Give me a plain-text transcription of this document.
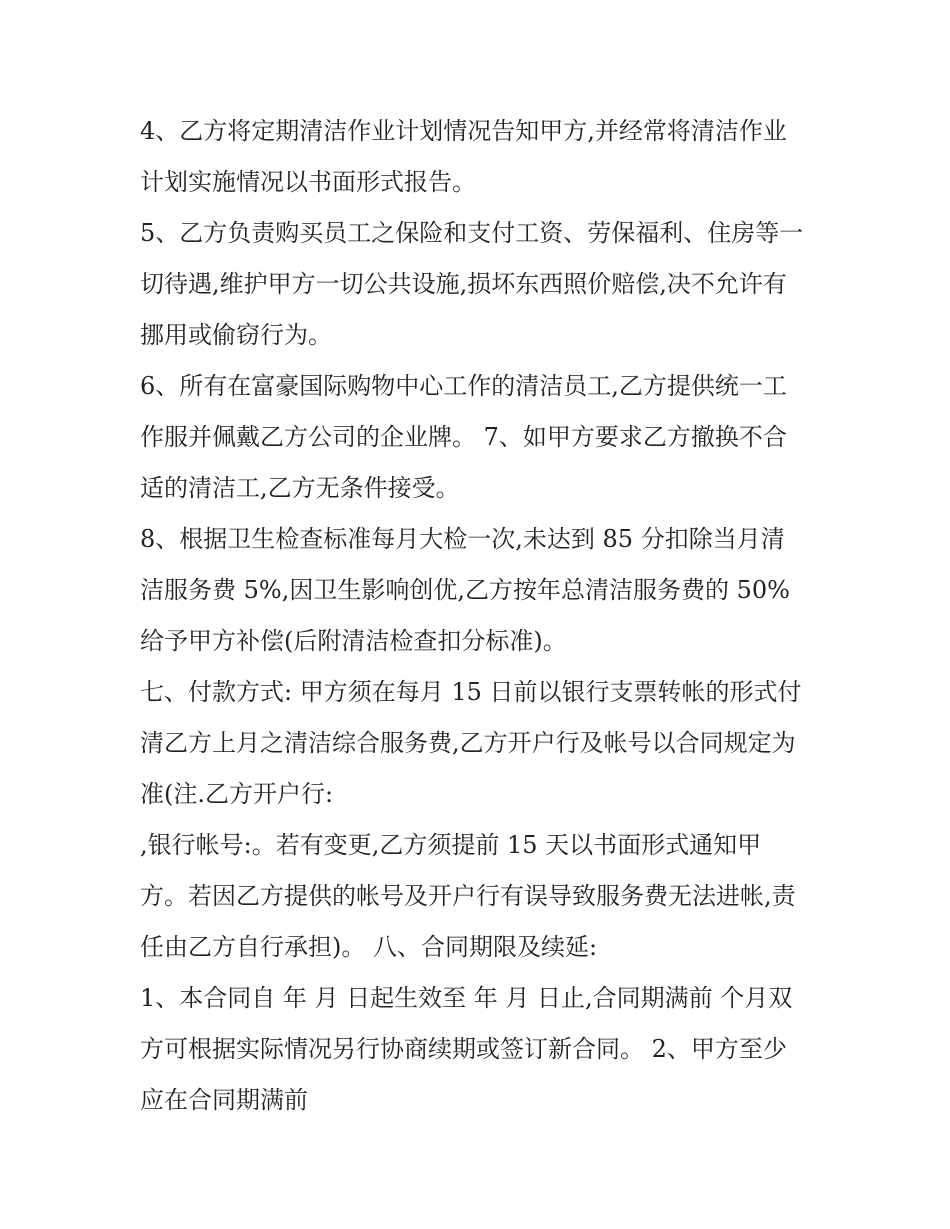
4、乙方将定期清洁作业计划情况告知甲方,并经常将清洁作业计划实施情况以书面形式报告。

5、乙方负责购买员工之保险和支付工资、劳保福利、住房等一切待遇,维护甲方一切公共设施,损坏东西照价赔偿,决不允许有挪用或偷窃行为。

6、所有在富豪国际购物中心工作的清洁员工,乙方提供统一工作服并佩戴乙方公司的企业牌。 7、如甲方要求乙方撤换不合适的清洁工,乙方无条件接受。

8、根据卫生检查标准每月大检一次,未达到 85 分扣除当月清洁服务费 5%,因卫生影响创优,乙方按年总清洁服务费的 50%给予甲方补偿(后附清洁检查扣分标准)。

七、付款方式: 甲方须在每月 15 日前以银行支票转帐的形式付清乙方上月之清洁综合服务费,乙方开户行及帐号以合同规定为准(注.乙方开户行:

,银行帐号:。若有变更,乙方须提前 15 天以书面形式通知甲方。若因乙方提供的帐号及开户行有误导致服务费无法进帐,责任由乙方自行承担)。 八、合同期限及续延:

1、本合同自 年 月 日起生效至 年 月 日止,合同期满前 个月双方可根据实际情况另行协商续期或签订新合同。 2、甲方至少应在合同期满前
